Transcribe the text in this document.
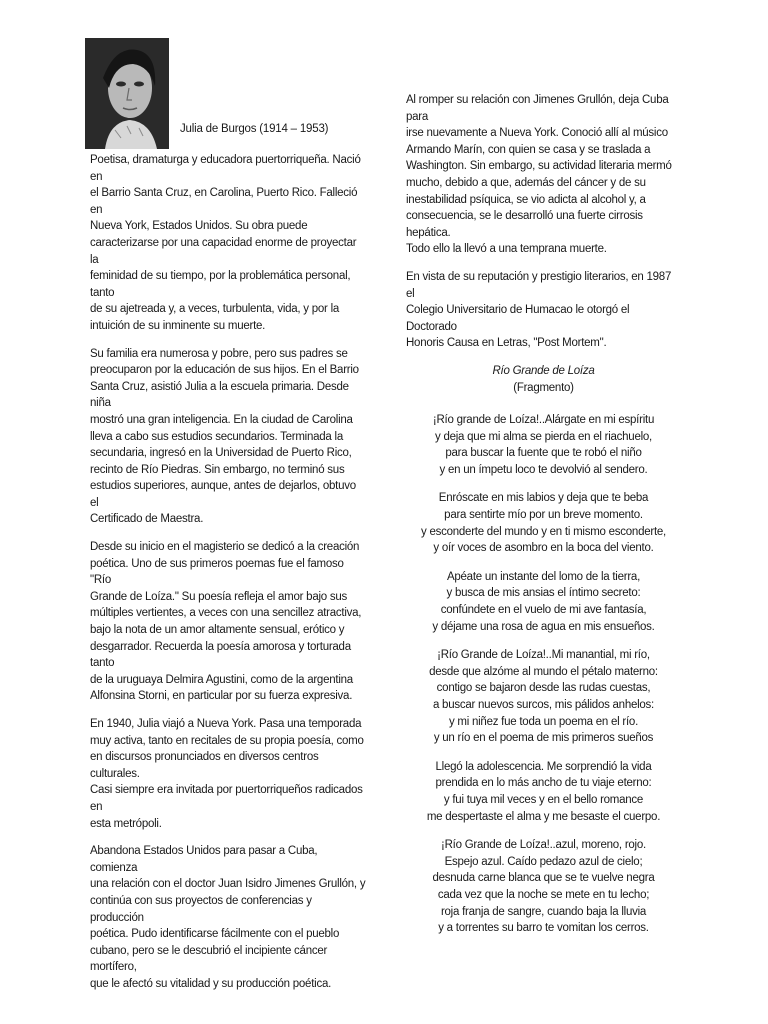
Julia de Burgos (1914 – 1953)

Poetisa, dramaturga y educadora puertorriqueña. Nació en
el Barrio Santa Cruz, en Carolina, Puerto Rico. Falleció en
Nueva York, Estados Unidos. Su obra puede
caracterizarse por una capacidad enorme de proyectar la
feminidad de su tiempo, por la problemática personal, tanto
de su ajetreada y, a veces, turbulenta, vida, y por la
intuición de su inminente su muerte.

Su familia era numerosa y pobre, pero sus padres se
preocuparon por la educación de sus hijos. En el Barrio
Santa Cruz, asistió Julia a la escuela primaria. Desde niña
mostró una gran inteligencia. En la ciudad de Carolina
lleva a cabo sus estudios secundarios. Terminada la
secundaria, ingresó en la Universidad de Puerto Rico,
recinto de Río Piedras. Sin embargo, no terminó sus
estudios superiores, aunque, antes de dejarlos, obtuvo el
Certificado de Maestra.

Desde su inicio en el magisterio se dedicó a la creación
poética. Uno de sus primeros poemas fue el famoso "Río
Grande de Loíza." Su poesía refleja el amor bajo sus
múltiples vertientes, a veces con una sencillez atractiva,
bajo la nota de un amor altamente sensual, erótico y
desgarrador. Recuerda la poesía amorosa y torturada tanto
de la uruguaya Delmira Agustini, como de la argentina
Alfonsina Storni, en particular por su fuerza expresiva.

En 1940, Julia viajó a Nueva York. Pasa una temporada
muy activa, tanto en recitales de su propia poesía, como
en discursos pronunciados en diversos centros culturales.
Casi siempre era invitada por puertorriqueños radicados en
esta metrópoli.

Abandona Estados Unidos para pasar a Cuba, comienza
una relación con el doctor Juan Isidro Jimenes Grullón, y
continúa con sus proyectos de conferencias y producción
poética. Pudo identificarse fácilmente con el pueblo
cubano, pero se le descubrió el incipiente cáncer mortífero,
que le afectó su vitalidad y su producción poética.

Al romper su relación con Jimenes Grullón, deja Cuba para
irse nuevamente a Nueva York. Conoció allí al músico
Armando Marín, con quien se casa y se traslada a
Washington. Sin embargo, su actividad literaria mermó
mucho, debido a que, además del cáncer y de su
inestabilidad psíquica, se vio adicta al alcohol y, a
consecuencia, se le desarrolló una fuerte cirrosis hepática.
Todo ello la llevó a una temprana muerte.

En vista de su reputación y prestigio literarios, en 1987 el
Colegio Universitario de Humacao le otorgó el Doctorado
Honoris Causa en Letras, "Post Mortem".

Río Grande de Loíza
(Fragmento)
¡Río grande de Loíza!..Alárgate en mi espíritu
y deja que mi alma se pierda en el riachuelo,
para buscar la fuente que te robó el niño
y en un ímpetu loco te devolvió al sendero.
Enróscate en mis labios y deja que te beba
para sentirte mío por un breve momento.
y esconderte del mundo y en ti mismo esconderte,
y oír voces de asombro en la boca del viento.
Apéate un instante del lomo de la tierra,
y busca de mis ansias el íntimo secreto:
confúndete en el vuelo de mi ave fantasía,
y déjame una rosa de agua en mis ensueños.
¡Río Grande de Loíza!..Mi manantial, mi río,
desde que alzóme al mundo el pétalo materno:
contigo se bajaron desde las rudas cuestas,
a buscar nuevos surcos, mis pálidos anhelos:
y mi niñez fue toda un poema en el río.
y un río en el poema de mis primeros sueños
Llegó la adolescencia. Me sorprendió la vida
prendida en lo más ancho de tu viaje eterno:
y fui tuya mil veces y en el bello romance
me despertaste el alma y me besaste el cuerpo.
¡Río Grande de Loíza!..azul, moreno, rojo.
Espejo azul. Caído pedazo azul de cielo;
desnuda carne blanca que se te vuelve negra
cada vez que la noche se mete en tu lecho;
roja franja de sangre, cuando baja la lluvia
y a torrentes su barro te vomitan los cerros.
